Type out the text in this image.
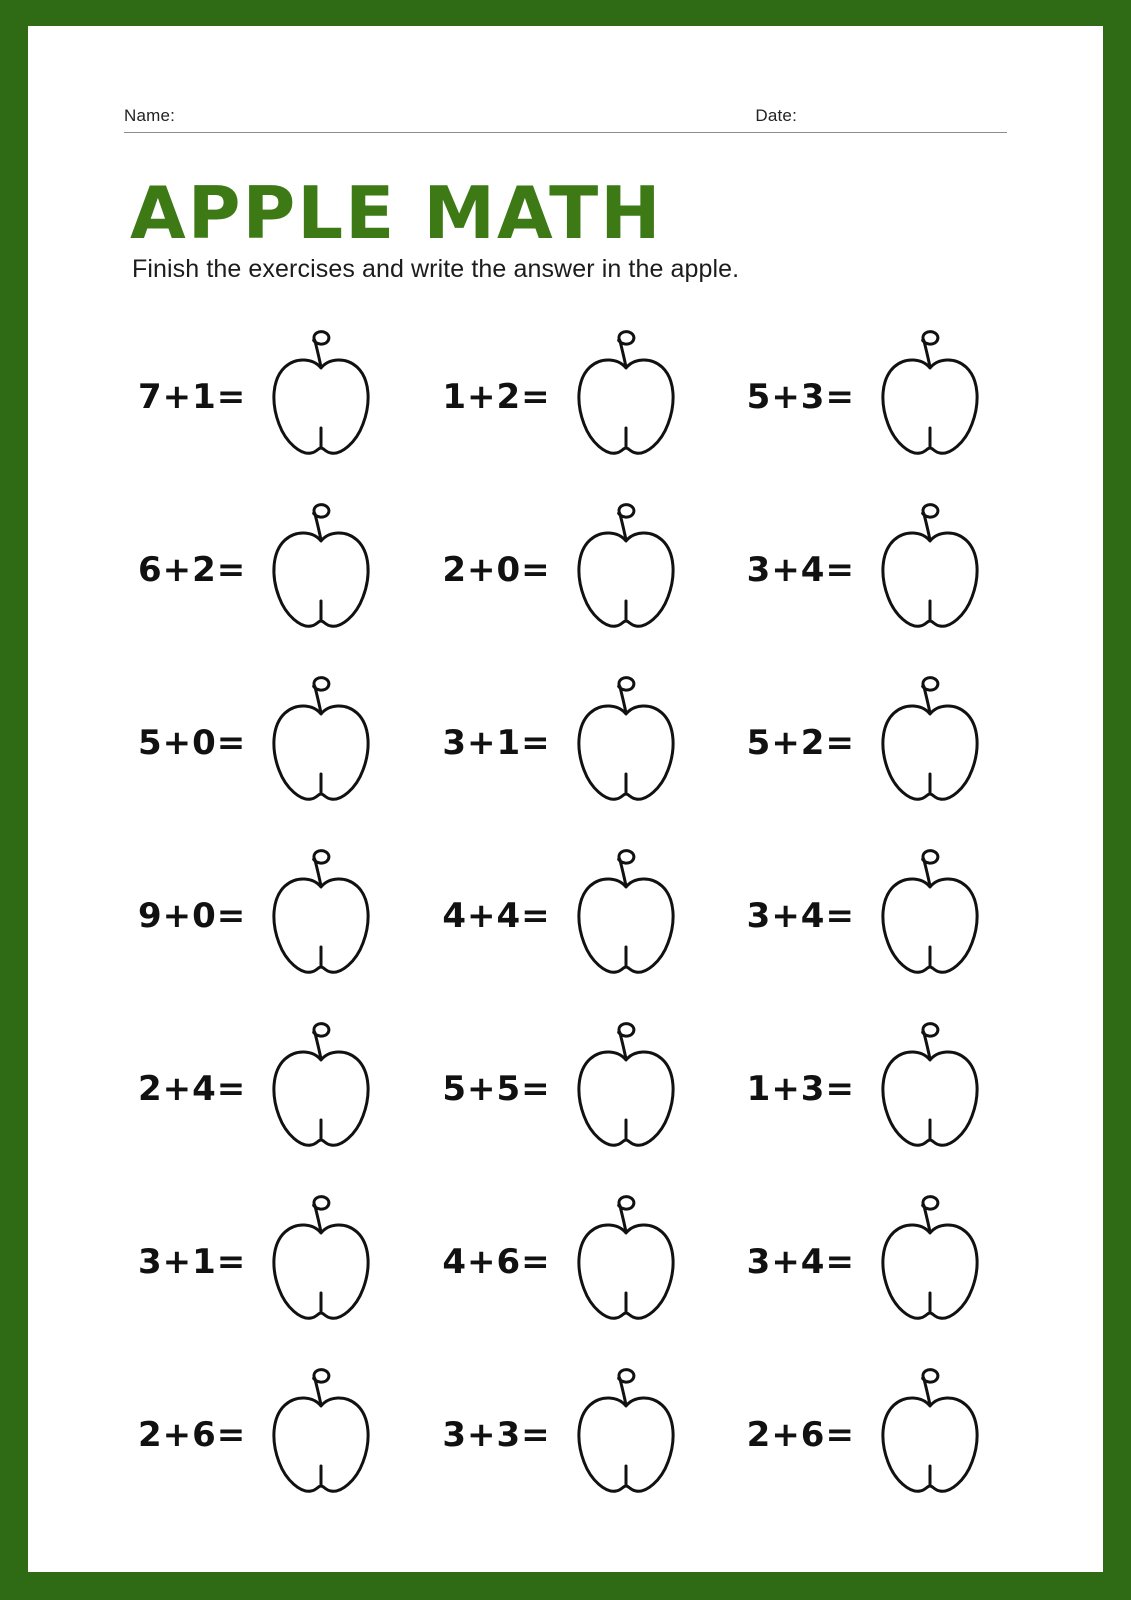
Name:	Date:
APPLE MATH

Finish the exercises and write the answer in the apple.

7+1=	1+2=	5+3=
6+2=	2+0=	3+4=
5+0=	3+1=	5+2=
9+0=	4+4=	3+4=
2+4=	5+5=	1+3=
3+1=	4+6=	3+4=
2+6=	3+3=	2+6=
